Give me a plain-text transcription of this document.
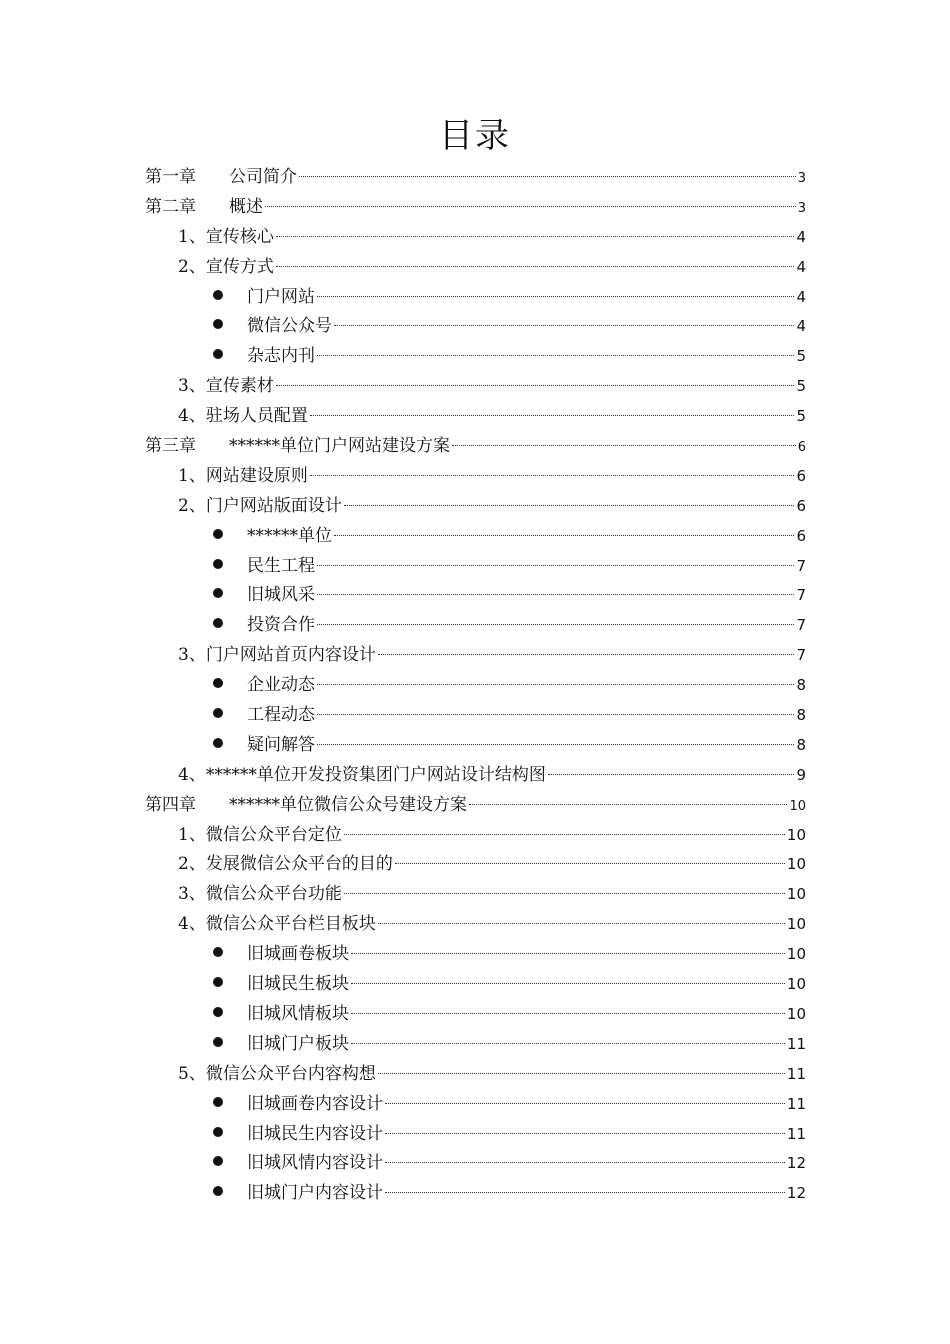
目录
第一章	公司简介	3
第二章	概述	3
1、宣传核心	4
2、宣传方式	4
门户网站	4
微信公众号	4
杂志内刊	5
3、宣传素材	5
4、驻场人员配置	5
第三章	******单位门户网站建设方案	6
1、网站建设原则	6
2、门户网站版面设计	6
******单位	6
民生工程	7
旧城风采	7
投资合作	7
3、门户网站首页内容设计	7
企业动态	8
工程动态	8
疑问解答	8
4、******单位开发投资集团门户网站设计结构图	9
第四章	******单位微信公众号建设方案	10
1、微信公众平台定位	10
2、发展微信公众平台的目的	10
3、微信公众平台功能	10
4、微信公众平台栏目板块	10
旧城画卷板块	10
旧城民生板块	10
旧城风情板块	10
旧城门户板块	11
5、微信公众平台内容构想	11
旧城画卷内容设计	11
旧城民生内容设计	11
旧城风情内容设计	12
旧城门户内容设计	12
